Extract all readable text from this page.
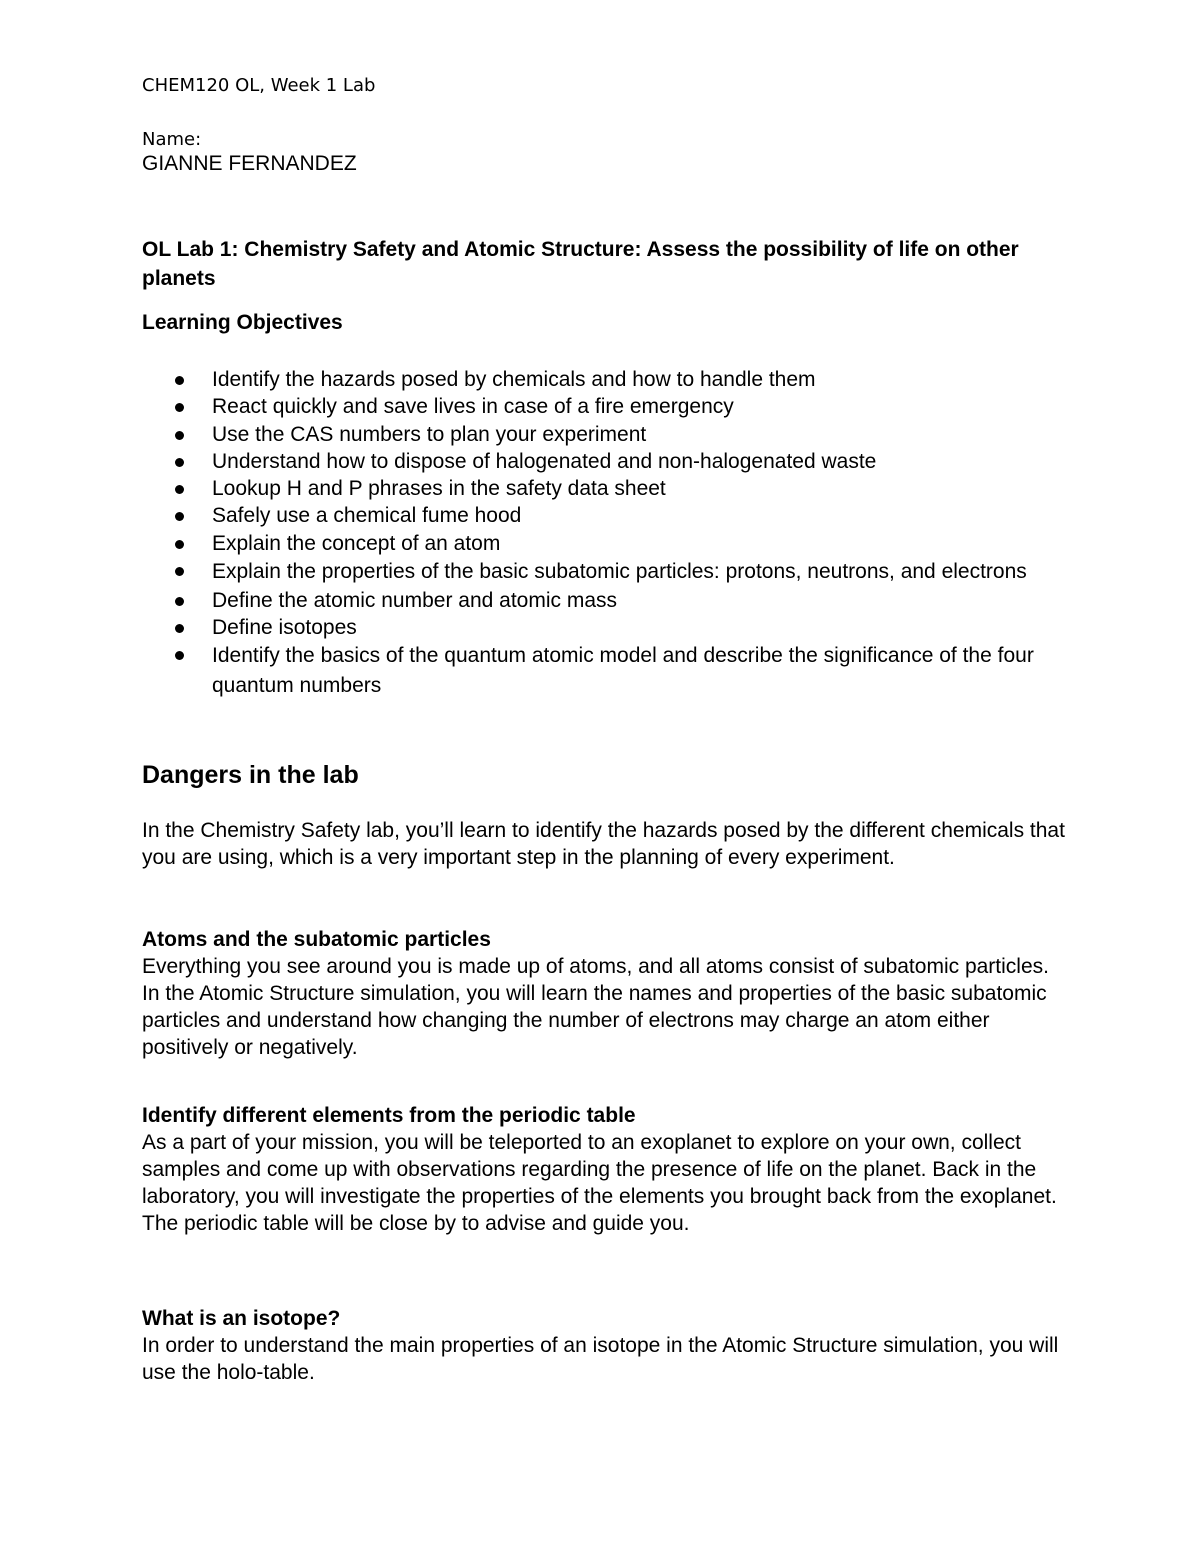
CHEM120 OL, Week 1 Lab
Name:
GIANNE FERNANDEZ
OL Lab 1: Chemistry Safety and Atomic Structure: Assess the possibility of life on other planets
Learning Objectives
Identify the hazards posed by chemicals and how to handle them
React quickly and save lives in case of a fire emergency
Use the CAS numbers to plan your experiment
Understand how to dispose of halogenated and non-halogenated waste
Lookup H and P phrases in the safety data sheet
Safely use a chemical fume hood
Explain the concept of an atom
Explain the properties of the basic subatomic particles: protons, neutrons, and electrons
Define the atomic number and atomic mass
Define isotopes
Identify the basics of the quantum atomic model and describe the significance of the four quantum numbers
Dangers in the lab

In the Chemistry Safety lab, you’ll learn to identify the hazards posed by the different chemicals that you are using, which is a very important step in the planning of every experiment.

Atoms and the subatomic particles
Everything you see around you is made up of atoms, and all atoms consist of subatomic particles. In the Atomic Structure simulation, you will learn the names and properties of the basic subatomic particles and understand how changing the number of electrons may charge an atom either positively or negatively.
Identify different elements from the periodic table
As a part of your mission, you will be teleported to an exoplanet to explore on your own, collect samples and come up with observations regarding the presence of life on the planet. Back in the laboratory, you will investigate the properties of the elements you brought back from the exoplanet. The periodic table will be close by to advise and guide you.
What is an isotope?
In order to understand the main properties of an isotope in the Atomic Structure simulation, you will use the holo-table.
